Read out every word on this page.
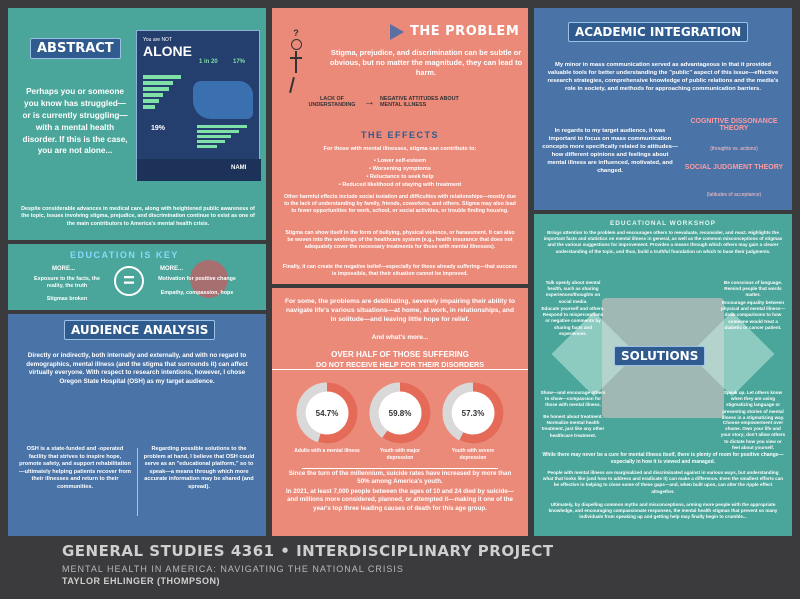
ABSTRACT
Perhaps you or someone you know has struggled—or is currently struggling—with a mental health disorder. If this is the case, you are not alone...
You are NOT
ALONE
1 in 20	17%
19%
NAMI
Despite considerable advances in medical care, along with heightened public awareness of the topic, issues involving stigma, prejudice, and discrimination continue to exist as one of the main contributors to America's mental health crisis.
EDUCATION IS KEY
MORE...
Exposure to the facts, the reality, the truth
Stigmas broken
=
MORE...
Motivation for positive change
Empathy, compassion, hope
AUDIENCE ANALYSIS
Directly or indirectly, both internally and externally, and with no regard to demographics, mental illness (and the stigma that surrounds it) can affect virtually everyone. With respect to research intentions, however, I chose Oregon State Hospital (OSH) as my target audience.
OSH is a state-funded and -operated facility that strives to inspire hope, promote safety, and support rehabilitation—ultimately helping patients recover from their illnesses and return to their communities.
Regarding possible solutions to the problem at hand, I believe that OSH could serve as an "educational platform," so to speak—a means through which more accurate information may be shared (and spread).
?	THE PROBLEM
Stigma, prejudice, and discrimination can be subtle or obvious, but no matter the magnitude, they can lead to harm.
LACK OF UNDERSTANDING → NEGATIVE ATTITUDES ABOUT MENTAL ILLNESS
THE EFFECTS
For those with mental illnesses, stigma can contribute to:
• Lower self-esteem
• Worsening symptoms
• Reluctance to seek help
• Reduced likelihood of staying with treatment
Other harmful effects include social isolation and difficulties with relationships—mostly due to the lack of understanding by family, friends, coworkers, and others. Stigma may also lead to fewer opportunities for work, school, or social activities, or trouble finding housing.
Stigma can show itself in the form of bullying, physical violence, or harassment. It can also be woven into the workings of the healthcare system (e.g., health insurance that does not adequately cover the necessary treatments for those with mental illnesses).
Finally, it can create the negative belief—especially for those already suffering—that success is impossible, that their situation cannot be improved.
For some, the problems are debilitating, severely impairing their ability to navigate life's various situations—at home, at work, in relationships, and in solitude—and leaving little hope for relief.
And what's more...
OVER HALF OF THOSE SUFFERING
DO NOT RECEIVE HELP FOR THEIR DISORDERS
54.7%	59.8%	57.3%
Adults with a mental illness	Youth with major depression
Youth with severe depression
Since the turn of the millennium, suicide rates have increased by more than 50% among America's youth.
In 2021, at least 7,000 people between the ages of 10 and 24 died by suicide—and millions more considered, planned, or attempted it—making it one of the year's top three leading causes of death for this age group.
ACADEMIC INTEGRATION
My minor in mass communication served as advantageous in that it provided valuable tools for better understanding the "public" aspect of this issue—effective research strategies, comprehensive knowledge of public relations and the media's role in society, and methods for approaching communication barriers.
In regards to my target audience, it was important to focus on mass communication concepts more specifically related to attitudes—how different opinions and feelings about mental illness are influenced, motivated, and changed.
COGNITIVE DISSONANCE THEORY
(thoughts vs. actions)
SOCIAL JUDGMENT THEORY
(latitudes of acceptance)
EDUCATIONAL WORKSHOP
Brings attention to the problem and encourages others to reevaluate, reconsider, and react. Highlights the important facts and statistics on mental illness in general, as well as the common misconceptions of stigmas and the various suggestions for improvement. Provides a means through which others may gain a clearer understanding of the topic, and thus, build a truthful foundation on which to base their judgments.
SOLUTIONS
Talk openly about mental health, such as sharing experiences/thoughts on social media.
Educate yourself and others. Respond to misperceptions or negative comments by sharing facts and experiences.
Show—and encourage others to show—compassion for those with mental illness.
Be honest about treatment. Normalize mental health treatment, just like any other healthcare treatment.
Be conscious of language. Remind people that words matter.
Encourage equality between physical and mental illness—draw comparisons to how someone would treat a diabetic or cancer patient.
Speak up. Let others know when they are using stigmatizing language or presenting stories of mental illness in a stigmatizing way.
Choose empowerment over shame. Own your life and your story; don't allow others to dictate how you view or feel about yourself.
While there may never be a cure for mental illness itself, there is plenty of room for positive change—especially in how it is viewed and managed.
People with mental illness are marginalized and discriminated against in various ways, but understanding what that looks like (and how to address and eradicate it) can make a difference. Even the smallest efforts can be effective in helping to close some of these gaps—and, when built upon, can alter the ripple effect altogether.
Ultimately, by dispelling common myths and misconceptions, arming more people with the appropriate knowledge, and encouraging compassionate responses, the mental health stigmas that prevent so many individuals from speaking up and getting help may finally begin to crumble...
GENERAL STUDIES 4361 • INTERDISCIPLINARY PROJECT
MENTAL HEALTH IN AMERICA: NAVIGATING THE NATIONAL CRISIS
TAYLOR EHLINGER (THOMPSON)
